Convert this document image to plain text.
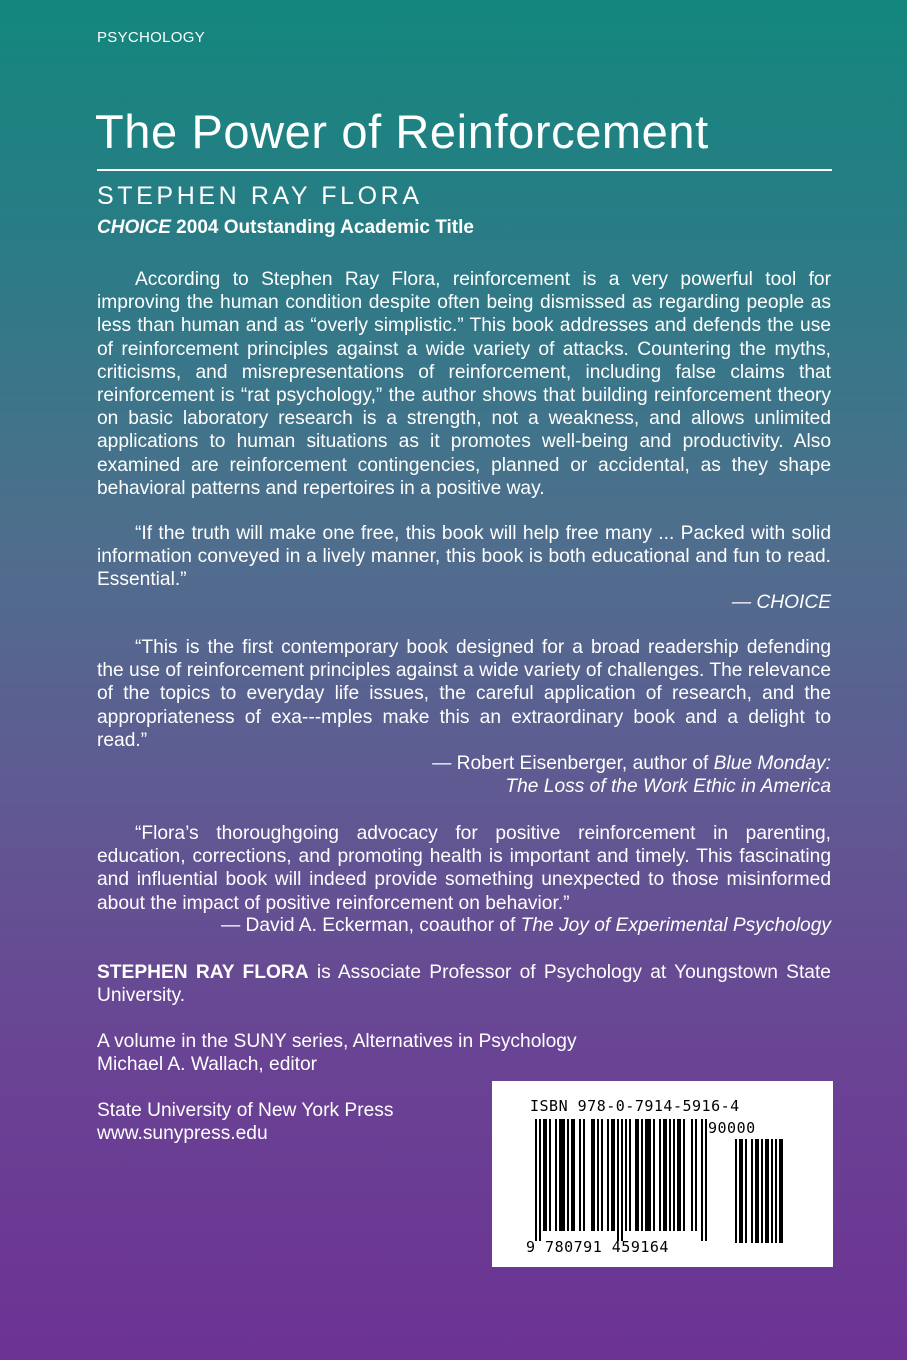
PSYCHOLOGY
The Power of Reinforcement
STEPHEN RAY FLORA
CHOICE 2004 Outstanding Academic Title
According to Stephen Ray Flora, reinforcement is a very powerful tool for improving the human condition despite often being dismissed as regarding people as less than human and as “overly simplistic.” This book addresses and defends the use of reinforcement principles against a wide variety of attacks. Countering the myths, criticisms, and misrepresentations of reinforcement, including false claims that reinforcement is “rat psychology,” the author shows that building reinforcement theory on basic laboratory research is a strength, not a weakness, and allows unlimited applications to human situations as it promotes well-being and productivity. Also examined are reinforcement contingencies, planned or accidental, as they shape behavioral patterns and repertoires in a positive way.
“If the truth will make one free, this book will help free many ... Packed with solid information conveyed in a lively manner, this book is both educational and fun to read. Essential.”
— CHOICE
“This is the first contemporary book designed for a broad readership defending the use of reinforcement principles against a wide variety of challenges. The relevance of the topics to everyday life issues, the careful application of research, and the appropriateness of exa---mples make this an extraordinary book and a delight to read.”
— Robert Eisenberger, author of Blue Monday:
The Loss of the Work Ethic in America
“Flora’s thoroughgoing advocacy for positive reinforcement in parenting, education, corrections, and promoting health is important and timely. This fascinating and influential book will indeed provide something unexpected to those misinformed about the impact of positive reinforcement on behavior.”
— David A. Eckerman, coauthor of The Joy of Experimental Psychology
STEPHEN RAY FLORA is Associate Professor of Psychology at Youngstown State University.
A volume in the SUNY series, Alternatives in Psychology
Michael A. Wallach, editor
State University of New York Press
www.sunypress.edu
ISBN 978-0-7914-5916-4
90000
9 780791 459164
